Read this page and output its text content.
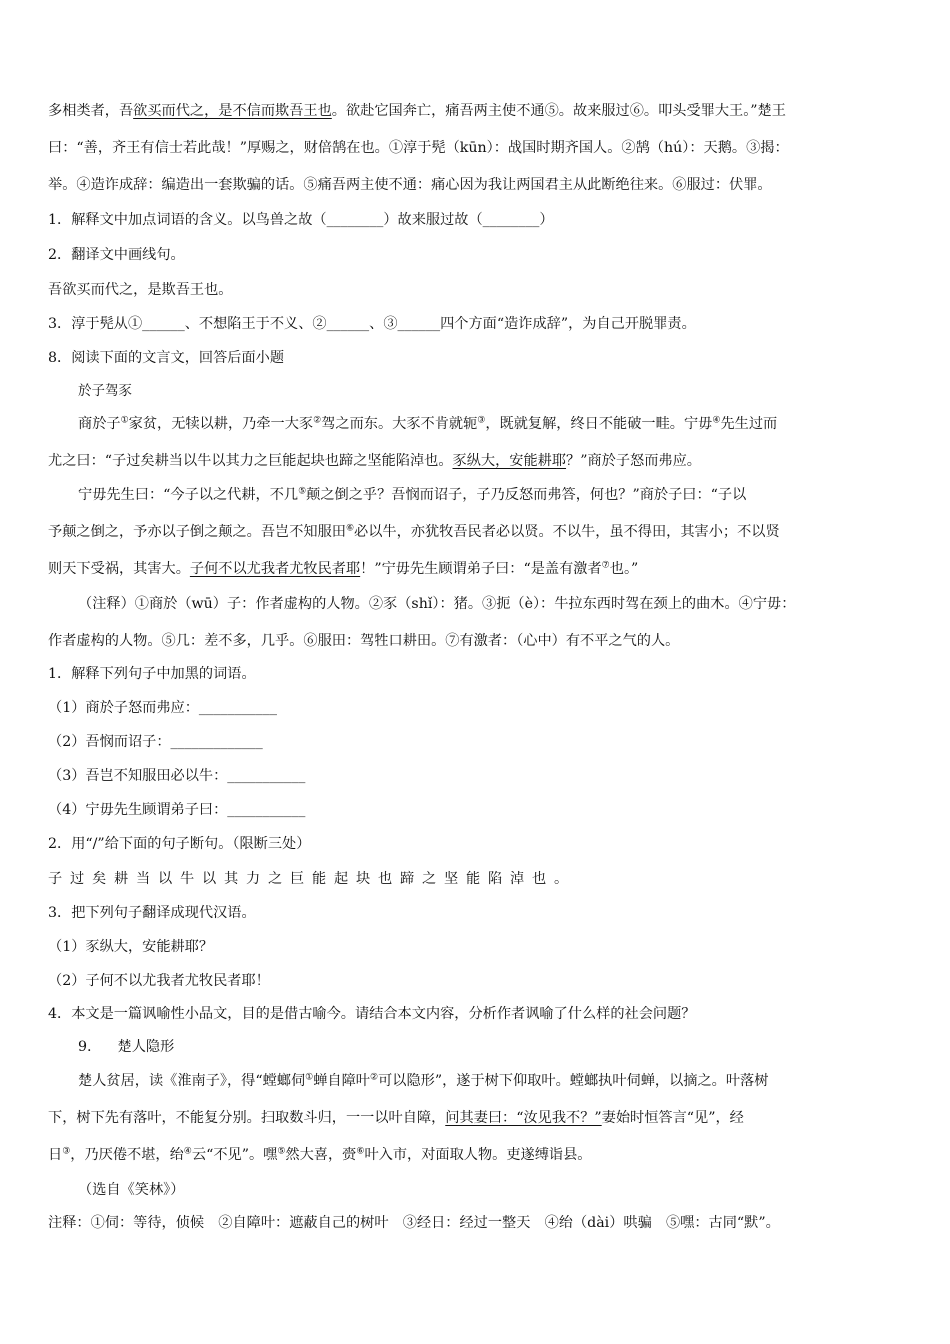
多相类者，吾欲买而代之，是不信而欺吾王也。欲赴它国奔亡，痛吾两主使不通⑤。故来服过⑥。叩头受罪大王。”楚王
曰：“善，齐王有信士若此哉！”厚赐之，财倍鹄在也。①淳于髡（kūn）：战国时期齐国人。②鹄（hú）：天鹅。③揭：
举。④造诈成辞：编造出一套欺骗的话。⑤痛吾两主使不通：痛心因为我让两国君主从此断绝往来。⑥服过：伏罪。
1．解释文中加点词语的含义。以鸟兽之故（________）故来服过故（________）
2．翻译文中画线句。
吾欲买而代之，是欺吾王也。
3．淳于髡从①______、不想陷王于不义、②______、③______四个方面“造诈成辞”，为自己开脱罪责。
8．阅读下面的文言文，回答后面小题
於子驾豕
商於子①家贫，无犊以耕，乃牵一大豕②驾之而东。大豕不肯就轭③，既就复解，终日不能破一畦。宁毋④先生过而
尤之曰：“子过矣耕当以牛以其力之巨能起块也蹄之坚能陷淖也。豕纵大，安能耕耶？”商於子怒而弗应。
宁毋先生曰：“今子以之代耕，不几⑤颠之倒之乎？吾悯而诏子，子乃反怒而弗答，何也？”商於子曰：“子以
予颠之倒之，予亦以子倒之颠之。吾岂不知服田⑥必以牛，亦犹牧吾民者必以贤。不以牛，虽不得田，其害小；不以贤
则天下受祸，其害大。子何不以尤我者尤牧民者耶！”宁毋先生顾谓弟子曰：“是盖有激者⑦也。”
（注释）①商於（wū）子：作者虚构的人物。②豕（shǐ）：猪。③扼（è）：牛拉东西时驾在颈上的曲木。④宁毋：
作者虚构的人物。⑤几：差不多，几乎。⑥服田：驾牲口耕田。⑦有激者：（心中）有不平之气的人。
1．解释下列句子中加黑的词语。
（1）商於子怒而弗应：___________
（2）吾悯而诏子：_____________
（3）吾岂不知服田必以牛：___________
（4）宁毋先生顾谓弟子曰：___________
2．用“/”给下面的句子断句。（限断三处）
子过矣耕当以牛以其力之巨能起块也蹄之坚能陷淖也。
3．把下列句子翻译成现代汉语。
（1）豕纵大，安能耕耶？
（2）子何不以尤我者尤牧民者耶！
4．本文是一篇讽喻性小品文，目的是借古喻今。请结合本文内容，分析作者讽喻了什么样的社会问题？
9. 楚人隐形
楚人贫居，读《淮南子》，得“螳螂伺①蝉自障叶②可以隐形”，遂于树下仰取叶。螳螂执叶伺蝉，以摘之。叶落树
下，树下先有落叶，不能复分别。扫取数斗归，一一以叶自障，问其妻曰：“汝见我不？”妻始时恒答言“见”，经
日③，乃厌倦不堪，绐④云“不见”。嘿⑤然大喜，赍⑥叶入市，对面取人物。吏遂缚诣县。
（选自《笑林》）
注释：①伺：等待，侦候　②自障叶：遮蔽自己的树叶　③经日：经过一整天　④绐（dài）哄骗　⑤嘿：古同“默”。
